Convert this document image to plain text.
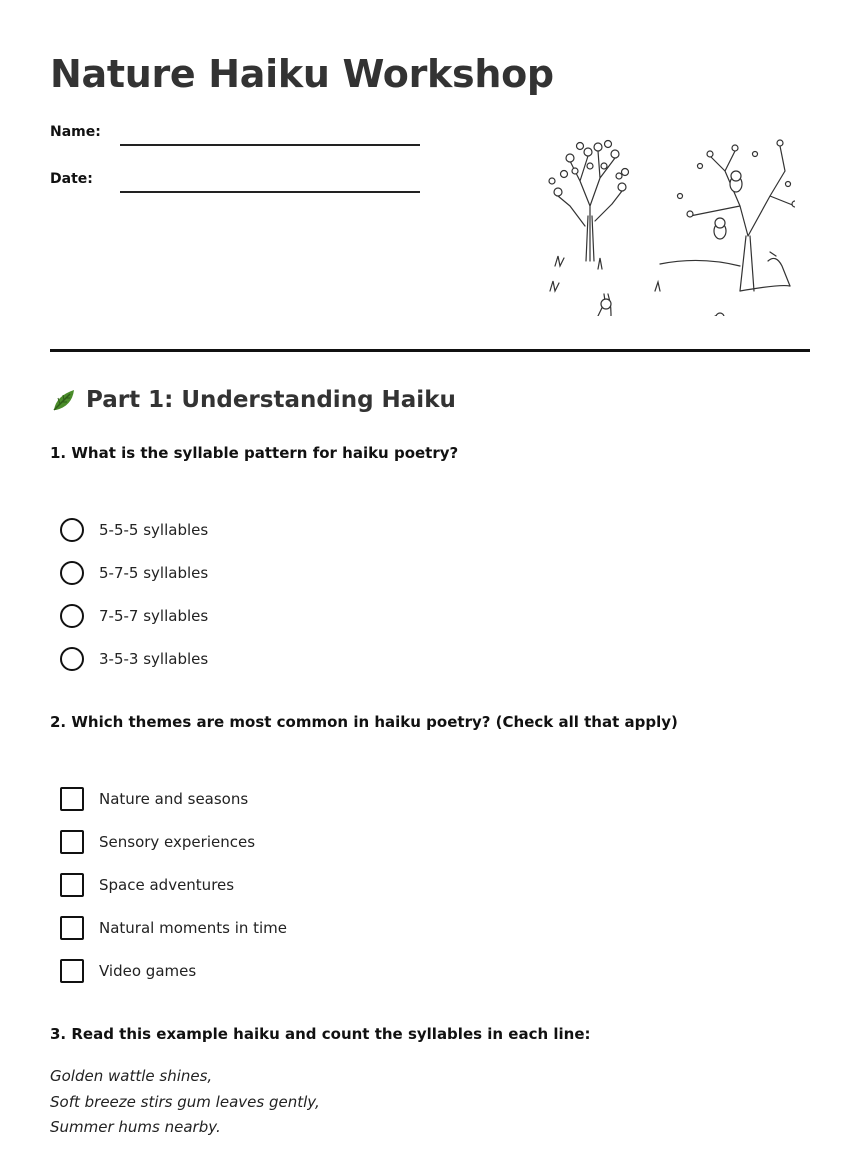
Nature Haiku Workshop
Name:
Date:
Part 1: Understanding Haiku
1. What is the syllable pattern for haiku poetry?
5-5-5 syllables
5-7-5 syllables
7-5-7 syllables
3-5-3 syllables
2. Which themes are most common in haiku poetry? (Check all that apply)
Nature and seasons
Sensory experiences
Space adventures
Natural moments in time
Video games
3. Read this example haiku and count the syllables in each line:
Golden wattle shines,
Soft breeze stirs gum leaves gently,
Summer hums nearby.
